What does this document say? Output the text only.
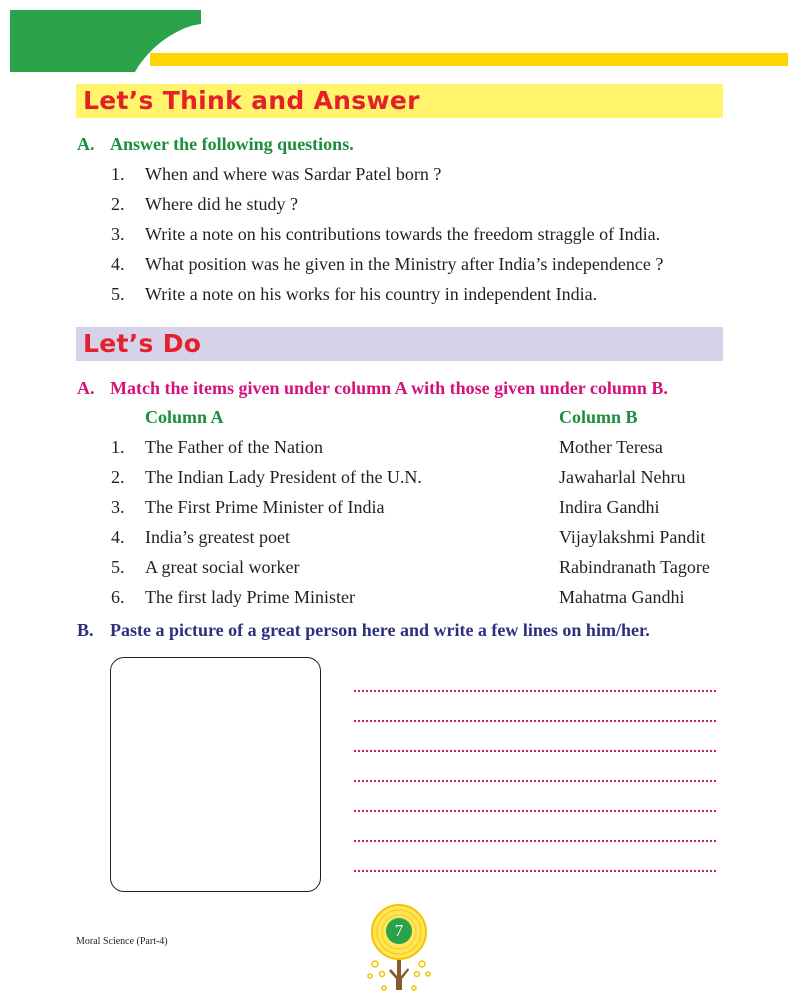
Let’s Think and Answer
A. Answer the following questions.
1. When and where was Sardar Patel born ?
2. Where did he study ?
3. Write a note on his contributions towards the freedom straggle of India.
4. What position was he given in the Ministry after India’s independence ?
5. Write a note on his works for his country in independent India.
Let’s Do
A. Match the items given under column A with those given under column B.
Column A	Column B
1. The Father of the Nation	Mother Teresa
2. The Indian Lady President of the U.N.	Jawaharlal Nehru
3. The First Prime Minister of India	Indira Gandhi
4. India’s greatest poet	Vijaylakshmi Pandit
5. A great social worker	Rabindranath Tagore
6. The first lady Prime Minister	Mahatma Gandhi
B. Paste a picture of a great person here and write a few lines on him/her.
Moral Science (Part-4)
7
